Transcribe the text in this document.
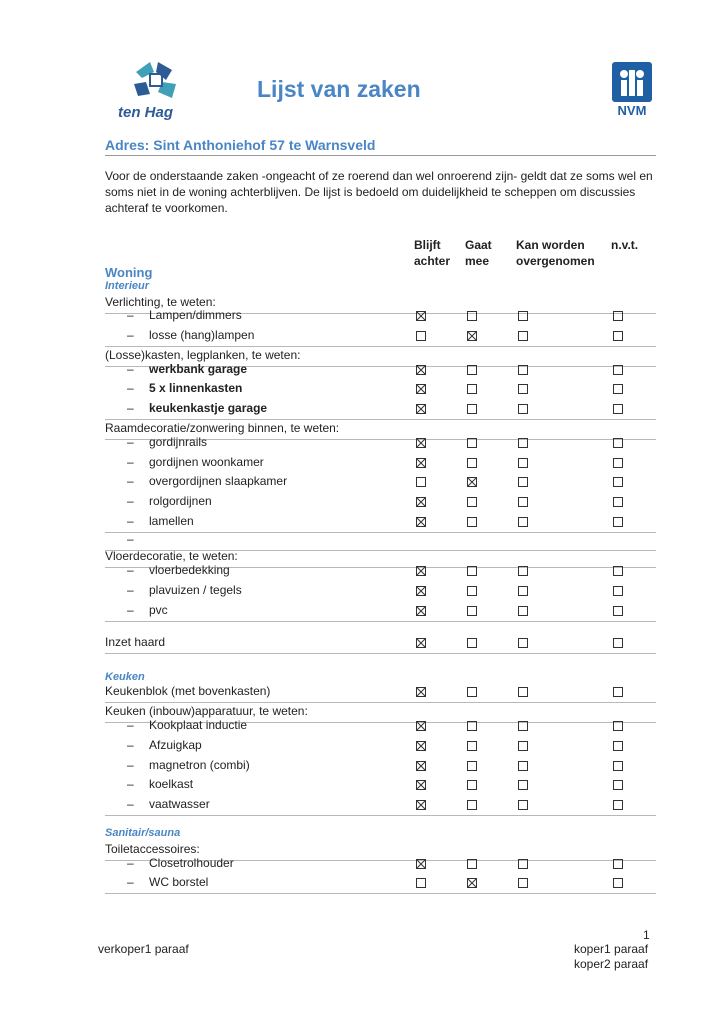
ten Hag
Lijst van zaken
NVM
Adres: Sint Anthoniehof 57 te Warnsveld
Voor de onderstaande zaken -ongeacht of ze roerend dan wel onroerend zijn- geldt dat ze soms wel en soms niet in de woning achterblijven. De lijst is bedoeld om duidelijkheid te scheppen om discussies achteraf te voorkomen.
Blijft achter
Gaat mee
Kan worden overgenomen
n.v.t.
Woning
Interieur
Keuken
Sanitair/sauna
Verlichting, te weten:
– Lampen/dimmers
– losse (hang)lampen
(Losse)kasten, legplanken, te weten:
– werkbank garage
– 5 x linnenkasten
– keukenkastje garage
Raamdecoratie/zonwering binnen, te weten:
– gordijnrails
– gordijnen woonkamer
– overgordijnen slaapkamer
– rolgordijnen
– lamellen
–
Vloerdecoratie, te weten:
– vloerbedekking
– plavuizen / tegels
– pvc
Inzet haard
Keukenblok (met bovenkasten)
Keuken (inbouw)apparatuur, te weten:
– Kookplaat inductie
– Afzuigkap
– magnetron (combi)
– koelkast
– vaatwasser
Toiletaccessoires:
– Closetrolhouder
– WC borstel
1
verkoper1 paraaf	koper1 paraaf
koper2 paraaf
